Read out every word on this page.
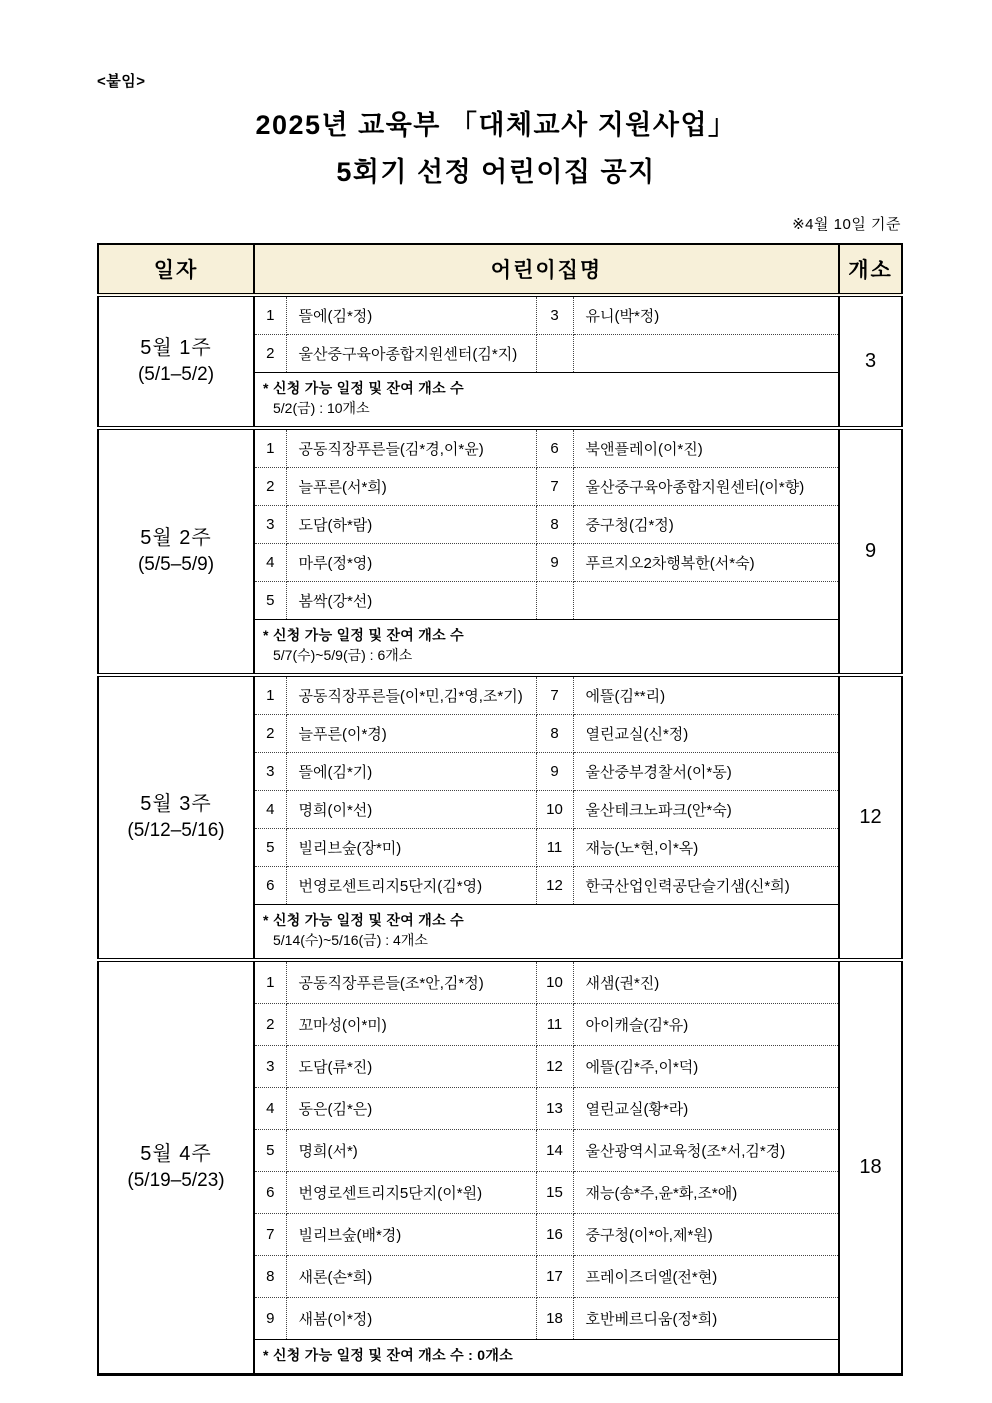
<붙임>
2025년 교육부 「대체교사 지원사업」
5회기 선정 어린이집 공지
※4월 10일 기준
일자	어린이집명				개소

5월 1주
(5/1–5/2)	1	뜰에(김*정)	3	유니(박*정)	3
	2	울산중구육아종합지원센터(김*지)			

	* 신청 가능 일정 및 잔여 개소 수
5/2(금) : 10개소				

5월 2주
(5/5–5/9)	1	공동직장푸른들(김*경,이*윤)	6	북앤플레이(이*진)	9
	2	늘푸른(서*희)	7	울산중구육아종합지원센터(이*향)	
	3	도담(하*람)	8	중구청(김*정)	
	4	마루(정*영)	9	푸르지오2차행복한(서*숙)	
	5	봄싹(강*선)			

	* 신청 가능 일정 및 잔여 개소 수
5/7(수)~5/9(금) : 6개소				

5월 3주
(5/12–5/16)	1	공동직장푸른들(이*민,김*영,조*기)	7	에뜰(김**리)	12
	2	늘푸른(이*경)	8	열린교실(신*정)	
	3	뜰에(김*기)	9	울산중부경찰서(이*동)	
	4	명희(이*선)	10	울산테크노파크(안*숙)	
	5	빌리브숲(장*미)	11	재능(노*현,이*옥)	
	6	번영로센트리지5단지(김*영)	12	한국산업인력공단슬기샘(신*희)	

	* 신청 가능 일정 및 잔여 개소 수
5/14(수)~5/16(금) : 4개소				

5월 4주
(5/19–5/23)	1	공동직장푸른들(조*안,김*정)	10	새샘(권*진)	18
	2	꼬마성(이*미)	11	아이캐슬(김*유)	
	3	도담(류*진)	12	에뜰(김*주,이*덕)	
	4	동은(김*은)	13	열린교실(황*라)	
	5	명희(서*)	14	울산광역시교육청(조*서,김*경)	
	6	번영로센트리지5단지(이*원)	15	재능(송*주,윤*화,조*애)	
	7	빌리브숲(배*경)	16	중구청(이*아,제*원)	
	8	새론(손*희)	17	프레이즈더엘(전*현)	
	9	새봄(이*정)	18	호반베르디움(정*희)	

	* 신청 가능 일정 및 잔여 개소 수 : 0개소				
